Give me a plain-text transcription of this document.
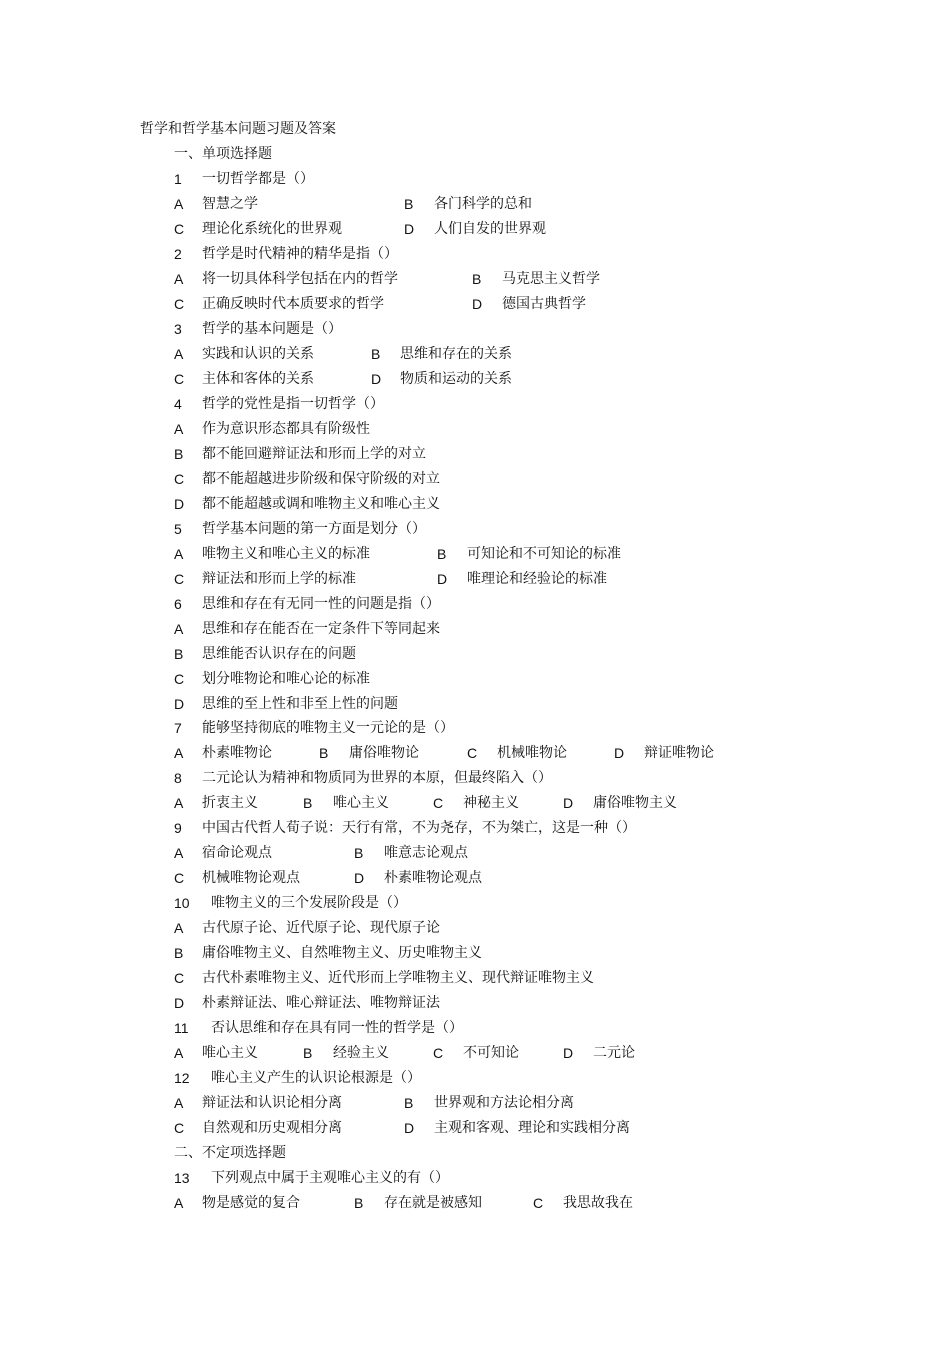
哲学和哲学基本问题习题及答案
一、单项选择题
1 一切哲学都是（）
A 智慧之学	B 各门科学的总和
C 理论化系统化的世界观	D 人们自发的世界观
2 哲学是时代精神的精华是指（）
A 将一切具体科学包括在内的哲学	B 马克思主义哲学
C 正确反映时代本质要求的哲学	D 德国古典哲学
3 哲学的基本问题是（）
A 实践和认识的关系	B 思维和存在的关系
C 主体和客体的关系	D 物质和运动的关系
4 哲学的党性是指一切哲学（）
A 作为意识形态都具有阶级性
B 都不能回避辩证法和形而上学的对立
C 都不能超越进步阶级和保守阶级的对立
D 都不能超越或调和唯物主义和唯心主义
5 哲学基本问题的第一方面是划分（）
A 唯物主义和唯心主义的标准	B 可知论和不可知论的标准
C 辩证法和形而上学的标准	D 唯理论和经验论的标准
6 思维和存在有无同一性的问题是指（）
A 思维和存在能否在一定条件下等同起来
B 思维能否认识存在的问题
C 划分唯物论和唯心论的标准
D 思维的至上性和非至上性的问题
7 能够坚持彻底的唯物主义一元论的是（）
A 朴素唯物论	B 庸俗唯物论	C 机械唯物论	D 辩证唯物论
8 二元论认为精神和物质同为世界的本原，但最终陷入（）
A 折衷主义	B 唯心主义	C 神秘主义	D 庸俗唯物主义
9 中国古代哲人荀子说：天行有常，不为尧存，不为桀亡，这是一种（）
A 宿命论观点	B 唯意志论观点
C 机械唯物论观点	D 朴素唯物论观点
10 唯物主义的三个发展阶段是（）
A 古代原子论、近代原子论、现代原子论
B 庸俗唯物主义、自然唯物主义、历史唯物主义
C 古代朴素唯物主义、近代形而上学唯物主义、现代辩证唯物主义
D 朴素辩证法、唯心辩证法、唯物辩证法
11 否认思维和存在具有同一性的哲学是（）
A 唯心主义	B 经验主义	C 不可知论	D 二元论
12 唯心主义产生的认识论根源是（）
A 辩证法和认识论相分离	B 世界观和方法论相分离
C 自然观和历史观相分离	D 主观和客观、理论和实践相分离
二、不定项选择题
13 下列观点中属于主观唯心主义的有（）
A 物是感觉的复合	B 存在就是被感知	C 我思故我在
